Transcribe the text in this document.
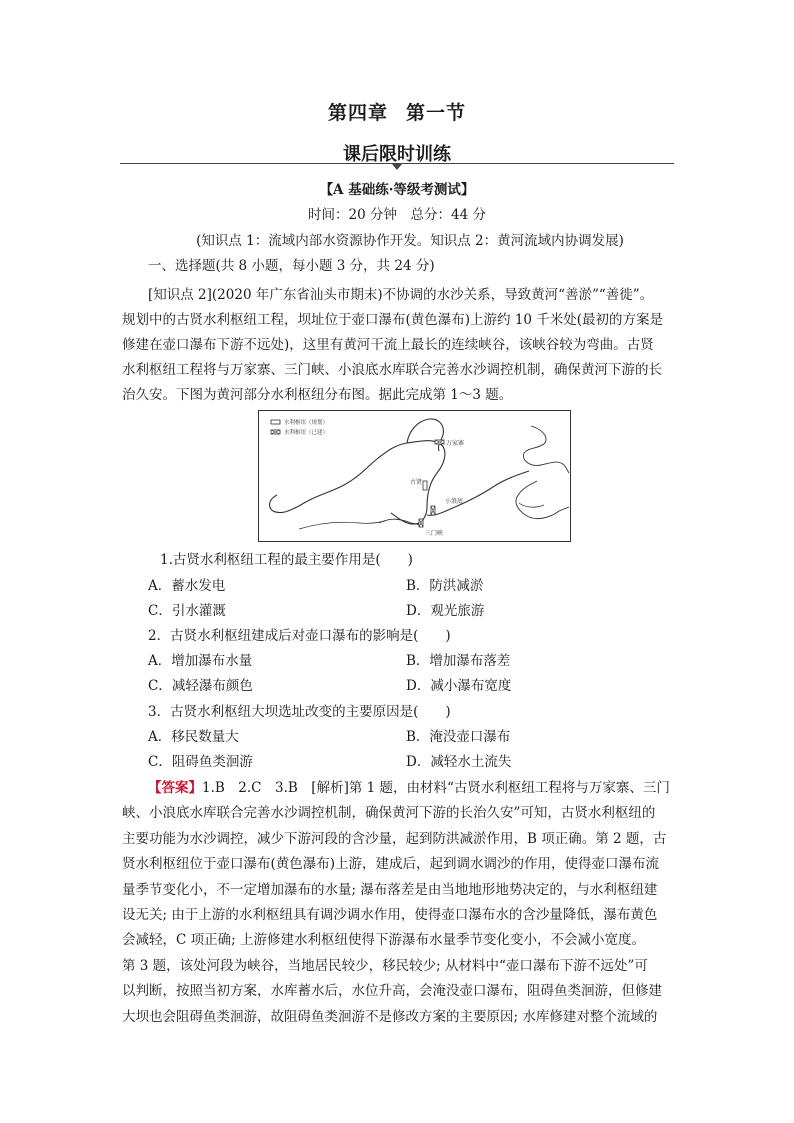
第四章 第一节
课后限时训练
【A 基础练·等级考测试】
时间：20 分钟　总分：44 分
(知识点 1：流域内部水资源协作开发。知识点 2：黄河流域内协调发展)
一、选择题(共 8 小题，每小题 3 分，共 24 分)
[知识点 2](2020 年广东省汕头市期末)不协调的水沙关系，导致黄河“善淤”“善徙”。
规划中的古贤水利枢纽工程，坝址位于壶口瀑布(黄色瀑布)上游约 10 千米处(最初的方案是
修建在壶口瀑布下游不远处)，这里有黄河干流上最长的连续峡谷，该峡谷较为弯曲。古贤
水利枢纽工程将与万家寨、三门峡、小浪底水库联合完善水沙调控机制，确保黄河下游的长
治久安。下图为黄河部分水利枢纽分布图。据此完成第 1～3 题。
水利枢纽（规划）
水利枢纽（已建）
万家寨
古贤
小浪底
三门峡
1.古贤水利枢纽工程的最主要作用是(　　)
A．蓄水发电	B．防洪减淤
C．引水灌溉	D．观光旅游
2．古贤水利枢纽建成后对壶口瀑布的影响是(　　)
A．增加瀑布水量	B．增加瀑布落差
C．减轻瀑布颜色	D．减小瀑布宽度
3．古贤水利枢纽大坝选址改变的主要原因是(　　)
A．移民数量大	B．淹没壶口瀑布
C．阻碍鱼类洄游	D．减轻水土流失
【答案】1.B　2.C　3.B　[解析]第 1 题，由材料“古贤水利枢纽工程将与万家寨、三门
峡、小浪底水库联合完善水沙调控机制，确保黄河下游的长治久安”可知，古贤水利枢纽的
主要功能为水沙调控，减少下游河段的含沙量，起到防洪减淤作用，B 项正确。第 2 题，古
贤水利枢纽位于壶口瀑布(黄色瀑布)上游，建成后，起到调水调沙的作用，使得壶口瀑布流
量季节变化小，不一定增加瀑布的水量; 瀑布落差是由当地地形地势决定的，与水利枢纽建
设无关; 由于上游的水利枢纽具有调沙调水作用，使得壶口瀑布水的含沙量降低，瀑布黄色
会减轻，C 项正确; 上游修建水利枢纽使得下游瀑布水量季节变化变小，不会减小宽度。
第 3 题，该处河段为峡谷，当地居民较少，移民较少; 从材料中“壶口瀑布下游不远处”可
以判断，按照当初方案，水库蓄水后，水位升高，会淹没壶口瀑布，阻碍鱼类洄游，但修建
大坝也会阻碍鱼类洄游，故阻碍鱼类洄游不是修改方案的主要原因; 水库修建对整个流域的
